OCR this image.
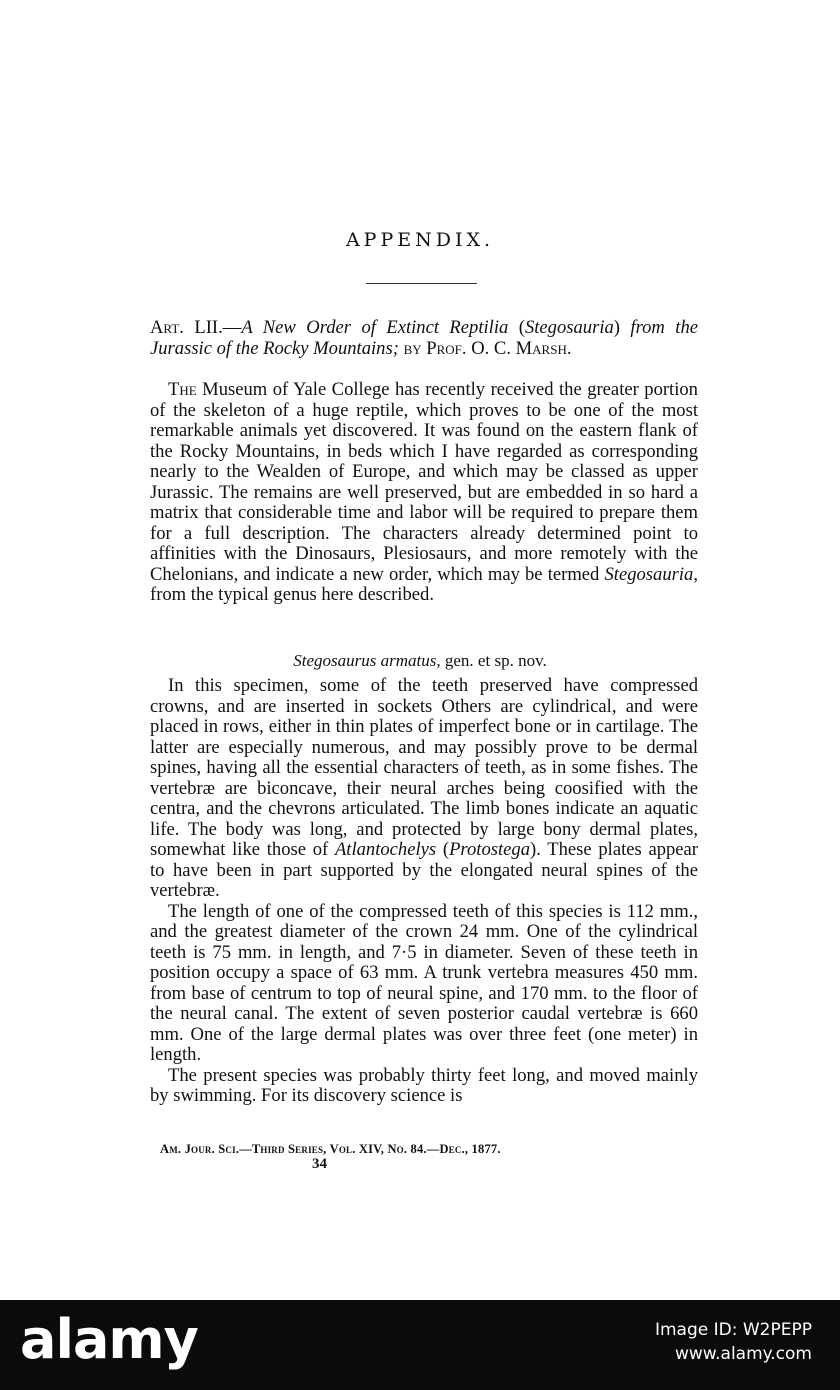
APPENDIX.
Art. LII.—A New Order of Extinct Reptilia (Stegosauria) from the Jurassic of the Rocky Mountains; by Prof. O. C. Marsh.

The Museum of Yale College has recently received the greater portion of the skeleton of a huge reptile, which proves to be one of the most remarkable animals yet discovered. It was found on the eastern flank of the Rocky Mountains, in beds which I have regarded as corresponding nearly to the Wealden of Europe, and which may be classed as upper Jurassic. The remains are well preserved, but are embedded in so hard a matrix that considerable time and labor will be required to prepare them for a full description. The characters already determined point to affinities with the Dinosaurs, Plesiosaurs, and more remotely with the Chelonians, and indicate a new order, which may be termed Stegosauria, from the typical genus here described.

Stegosaurus armatus, gen. et sp. nov.

In this specimen, some of the teeth preserved have compressed crowns, and are inserted in sockets Others are cylindrical, and were placed in rows, either in thin plates of imperfect bone or in cartilage. The latter are especially numerous, and may possibly prove to be dermal spines, having all the essential characters of teeth, as in some fishes. The vertebræ are biconcave, their neural arches being coosified with the centra, and the chevrons articulated. The limb bones indicate an aquatic life. The body was long, and protected by large bony dermal plates, somewhat like those of Atlantochelys (Protostega). These plates appear to have been in part supported by the elongated neural spines of the vertebræ.

The length of one of the compressed teeth of this species is 112 mm., and the greatest diameter of the crown 24 mm. One of the cylindrical teeth is 75 mm. in length, and 7·5 in diameter. Seven of these teeth in position occupy a space of 63 mm. A trunk vertebra measures 450 mm. from base of centrum to top of neural spine, and 170 mm. to the floor of the neural canal. The extent of seven posterior caudal vertebræ is 660 mm. One of the large dermal plates was over three feet (one meter) in length.

The present species was probably thirty feet long, and moved mainly by swimming. For its discovery science is

Am. Jour. Sci.—Third Series, Vol. XIV, No. 84.—Dec., 1877.
34
alamy	Image ID: W2PEPP
www.alamy.com
